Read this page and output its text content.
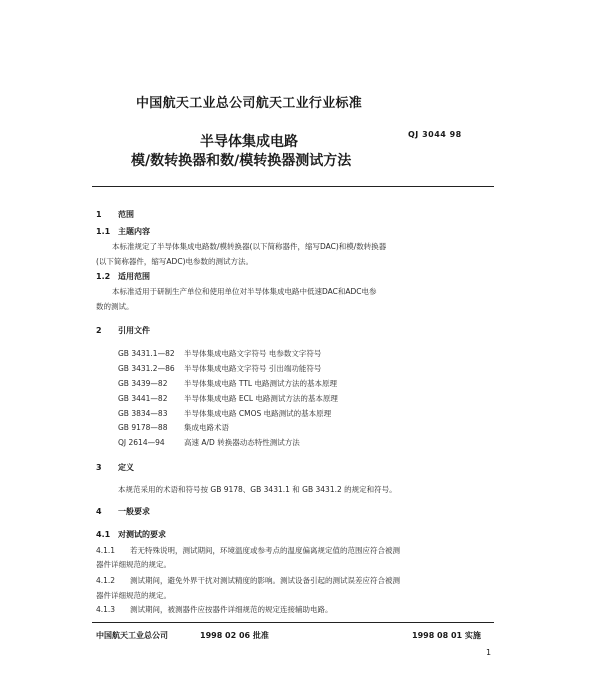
中国航天工业总公司航天工业行业标准
半导体集成电路
模/数转换器和数/模转换器测试方法
QJ 3044 98
1 范围
1.1 主题内容
本标准规定了半导体集成电路数/模转换器(以下简称器件，缩写DAC)和模/数转换器
(以下简称器件，缩写ADC)电参数的测试方法。
1.2 适用范围
本标准适用于研制生产单位和使用单位对半导体集成电路中低速DAC和ADC电参
数的测试。
2 引用文件
GB 3431.1—82 半导体集成电路文字符号 电参数文字符号
GB 3431.2—86 半导体集成电路文字符号 引出端功能符号
GB 3439—82 半导体集成电路 TTL 电路测试方法的基本原理
GB 3441—82 半导体集成电路 ECL 电路测试方法的基本原理
GB 3834—83 半导体集成电路 CMOS 电路测试的基本原理
GB 9178—88 集成电路术语
QJ 2614—94	高速 A/D 转换器动态特性测试方法
3 定义
本规范采用的术语和符号按 GB 9178、GB 3431.1 和 GB 3431.2 的规定和符号。
4 一般要求
4.1 对测试的要求
4.1.1 若无特殊说明，测试期间，环境温度或参考点的温度偏离规定值的范围应符合被测
器件详细规范的规定。
4.1.2 测试期间，避免外界干扰对测试精度的影响。测试设备引起的测试误差应符合被测
器件详细规范的规定。
4.1.3 测试期间，被测器件应按器件详细规范的规定连接辅助电路。
中国航天工业总公司	1998 02 06 批准	1998 08 01 实施
1
